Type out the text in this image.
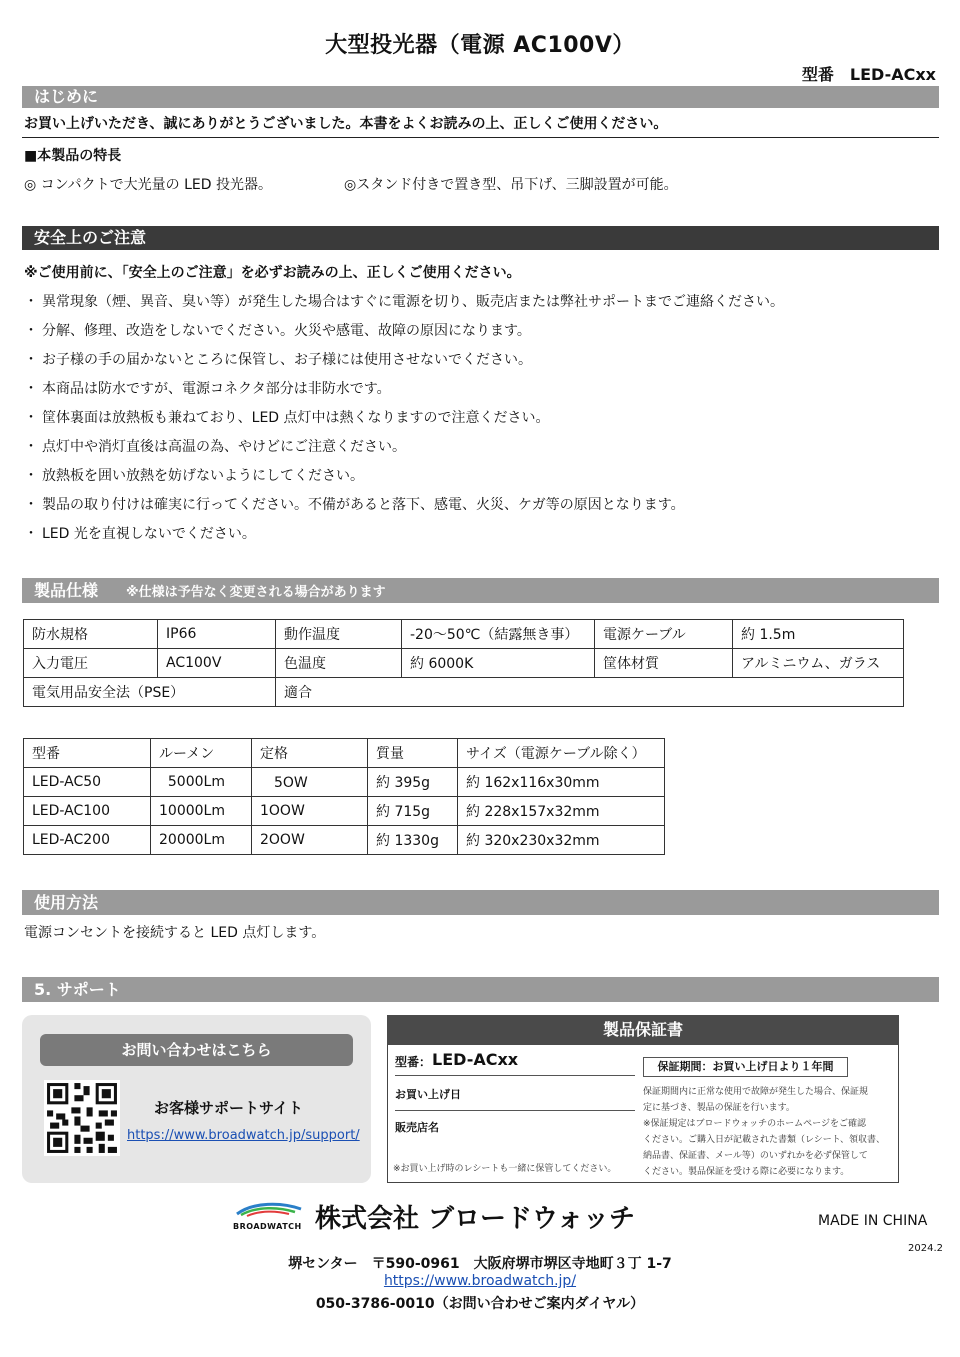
大型投光器（電源 AC100V）
型番　LED-ACxx
はじめに
お買い上げいただき、誠にありがとうございました。本書をよくお読みの上、正しくご使用ください。
■本製品の特長
◎ コンパクトで大光量の LED 投光器。	◎スタンド付きで置き型、吊下げ、三脚設置が可能。
安全上のご注意
※ご使用前に、「安全上のご注意」を必ずお読みの上、正しくご使用ください。
・ 異常現象（煙、異音、臭い等）が発生した場合はすぐに電源を切り、販売店または弊社サポートまでご連絡ください。
・ 分解、修理、改造をしないでください。火災や感電、故障の原因になります。
・ お子様の手の届かないところに保管し、お子様には使用させないでください。
・ 本商品は防水ですが、電源コネクタ部分は非防水です。
・ 筐体裏面は放熱板も兼ねており、LED 点灯中は熱くなりますので注意ください。
・ 点灯中や消灯直後は高温の為、やけどにご注意ください。
・ 放熱板を囲い放熱を妨げないようにしてください。
・ 製品の取り付けは確実に行ってください。不備があると落下、感電、火災、ケガ等の原因となります。
・ LED 光を直視しないでください。
製品仕様 ※仕様は予告なく変更される場合があります
防水規格	IP66	動作温度	-20～50℃（結露無き事）	電源ケーブル	約 1.5m
入力電圧	AC100V	色温度	約 6000K	筐体材質	アルミニウム、ガラス
電気用品安全法（PSE）		適合			
型番	ルーメン	定格	質量	サイズ（電源ケーブル除く）
LED-AC50	5000Lm	　5OW	約 395g	約 162x116x30mm
LED-AC100	10000Lm	1OOW	約 715g	約 228x157x32mm
LED-AC200	20000Lm	2OOW	約 1330g	約 320x230x32mm
使用方法
電源コンセントを接続すると LED 点灯します。
5. サポート
お問い合わせはこちら
お客様サポートサイト
https://www.broadwatch.jp/support/
製品保証書
型番： LED-ACxx	保証期間：お買い上げ日より１年間
お買い上げ日
販売店名
※お買い上げ時のレシートも一緒に保管してください。
保証期間内に正常な使用で故障が発生した場合、保証規
定に基づき、製品の保証を行います。
※保証規定はブロードウォッチのホームページをご確認
ください。ご購入日が記載された書類（レシート、領収書、
納品書、保証書、メール等）のいずれかを必ず保管して
ください。製品保証を受ける際に必要になります。
BROADWATCH 株式会社 ブロードウォッチ	MADE IN CHINA
2024.2
堺センター　〒590-0961　大阪府堺市堺区寺地町３丁 1-7
https://www.broadwatch.jp/
050-3786-0010（お問い合わせご案内ダイヤル）
